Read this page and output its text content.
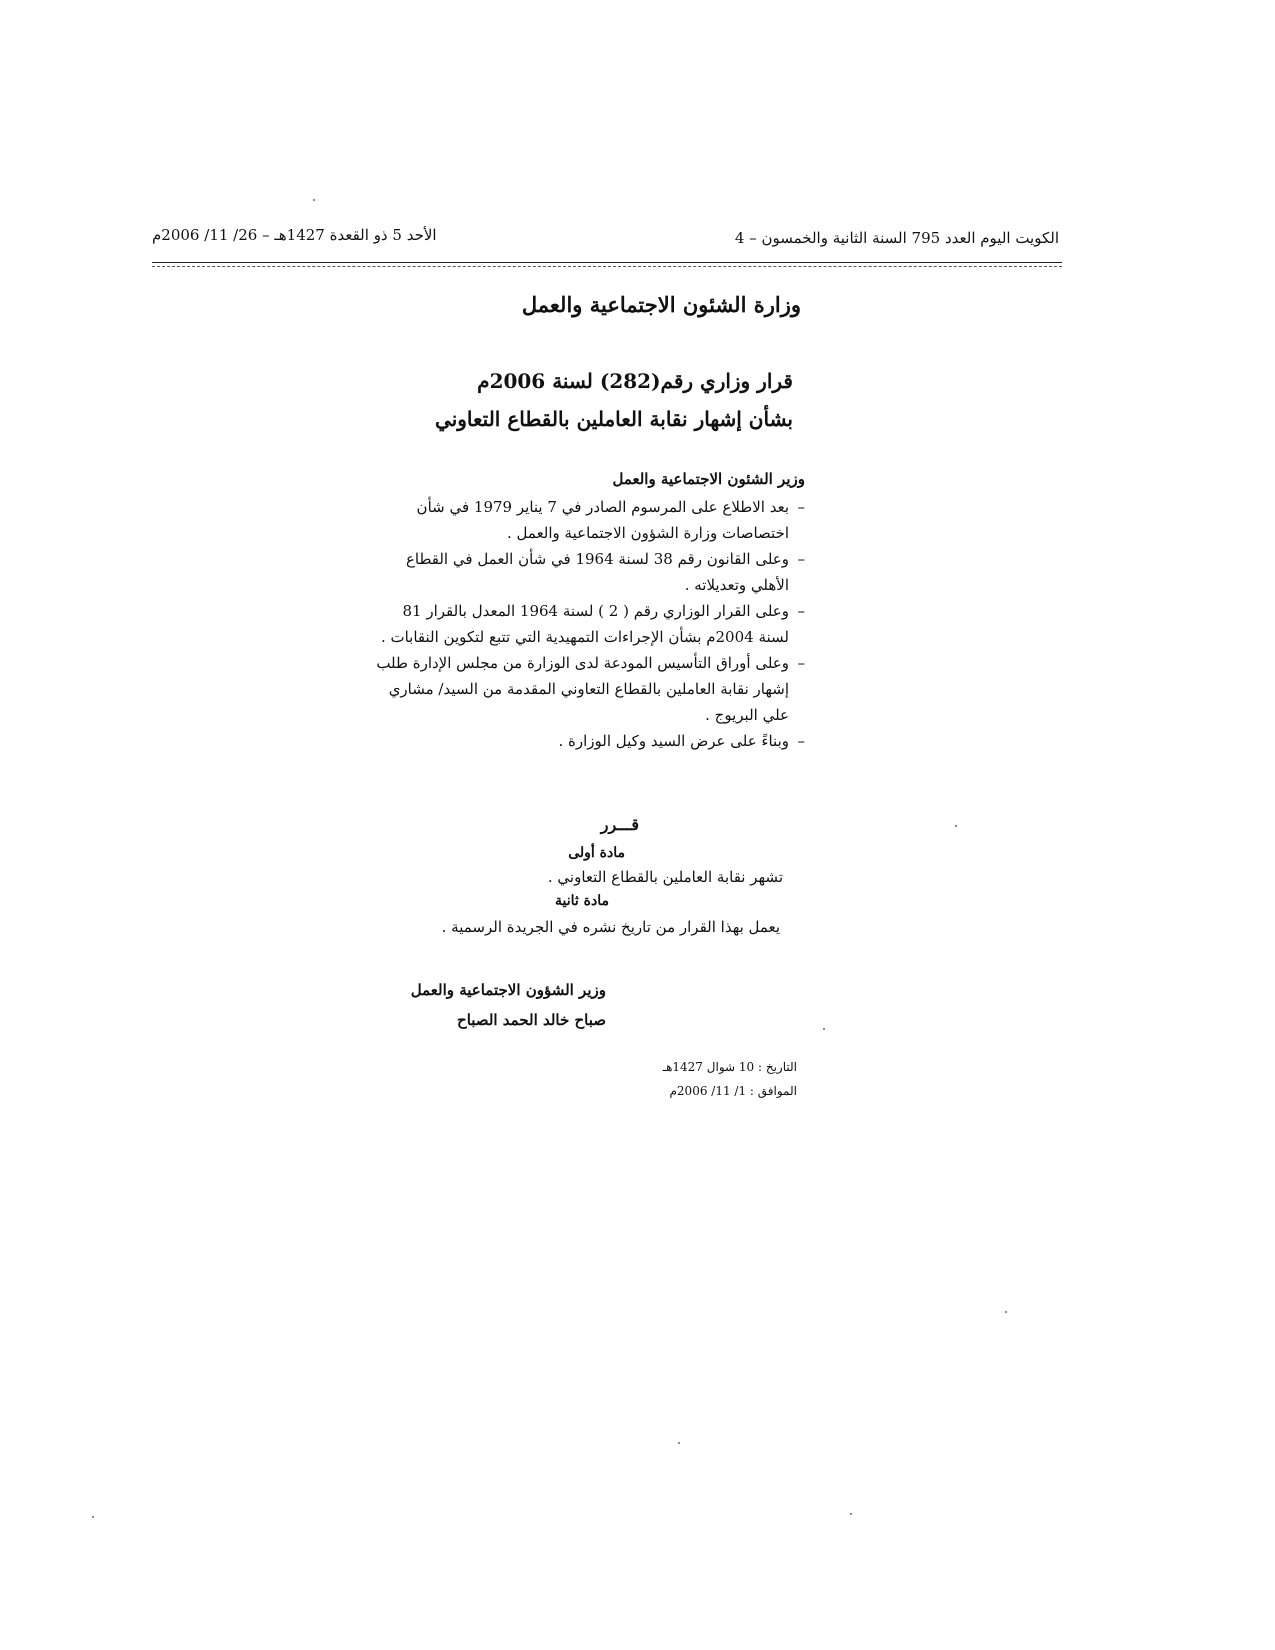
الكويت اليوم العدد 795 السنة الثانية والخمسون – 4
الأحد 5 ذو القعدة 1427هـ – 26/ 11/ 2006م
وزارة الشئون الاجتماعية والعمل
قرار وزاري رقم(282) لسنة 2006م
بشأن إشهار نقابة العاملين بالقطاع التعاوني
وزير الشئون الاجتماعية والعمل
–
بعد الاطلاع على المرسوم الصادر في 7 يناير 1979 في شأن اختصاصات وزارة الشؤون الاجتماعية والعمل .
–
وعلى القانون رقم 38 لسنة 1964 في شأن العمل في القطاع الأهلي وتعديلاته .
–
وعلى القرار الوزاري رقم ( 2 ) لسنة 1964 المعدل بالقرار 81 لسنة 2004م بشأن الإجراءات التمهيدية التي تتبع لتكوين النقابات .
–
وعلى أوراق التأسيس المودعة لدى الوزارة من مجلس الإدارة طلب إشهار نقابة العاملين بالقطاع التعاوني المقدمة من السيد/ مشاري علي البريوج .
–
وبناءً على عرض السيد وكيل الوزارة .
قـــرر
مادة أولى
تشهر نقابة العاملين بالقطاع التعاوني .
مادة ثانية
يعمل بهذا القرار من تاريخ نشره في الجريدة الرسمية .
وزير الشؤون الاجتماعية والعمل
صباح خالد الحمد الصباح
التاريخ : 10 شوال 1427هـ
الموافق : 1/ 11/ 2006م
